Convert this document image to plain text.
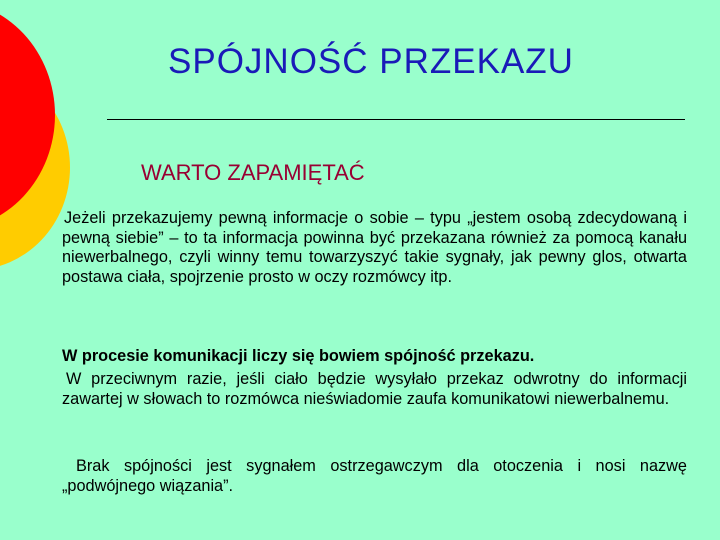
SPÓJNOŚĆ PRZEKAZU
WARTO ZAPAMIĘTAĆ

Jeżeli przekazujemy pewną informacje o sobie – typu „jestem osobą zdecydowaną i pewną siebie” – to ta informacja powinna być przekazana również za pomocą kanału niewerbalnego, czyli winny temu towarzyszyć takie sygnały, jak pewny glos, otwarta postawa ciała, spojrzenie prosto w oczy rozmówcy itp.

W procesie komunikacji liczy się bowiem spójność przekazu.

W przeciwnym razie, jeśli ciało będzie wysyłało przekaz odwrotny do informacji zawartej w słowach to rozmówca nieświadomie zaufa komunikatowi niewerbalnemu.

Brak spójności jest sygnałem ostrzegawczym dla otoczenia i nosi nazwę „podwójnego wiązania”.
